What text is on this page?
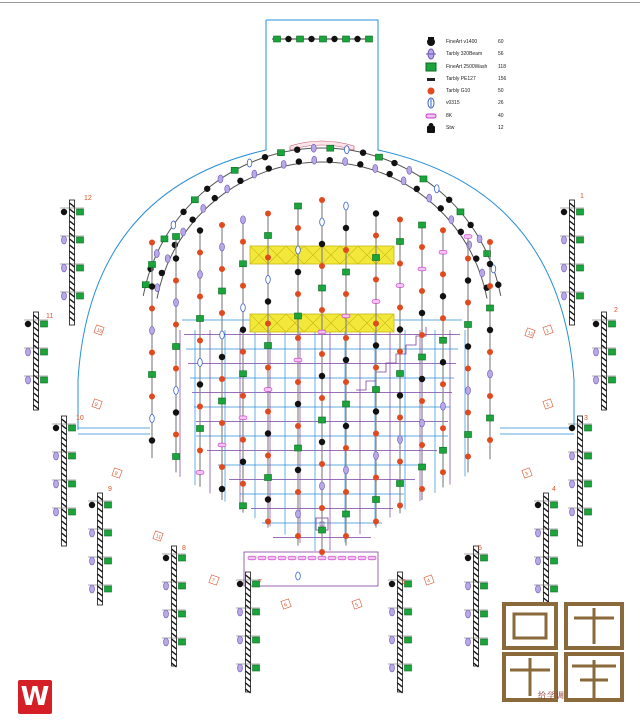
1
2
3
4
5
6
7
8
9
10
11
12
1
2
3
4
5
6
7
8
9
10
11
12
FineArt v1400	60
Tarbly 320Beam	56
FineArt 2500Wash 118
Tarbly PE127	156
Tarbly G10	50
v0315	26
8K	40
Stw	12
W	给学调
